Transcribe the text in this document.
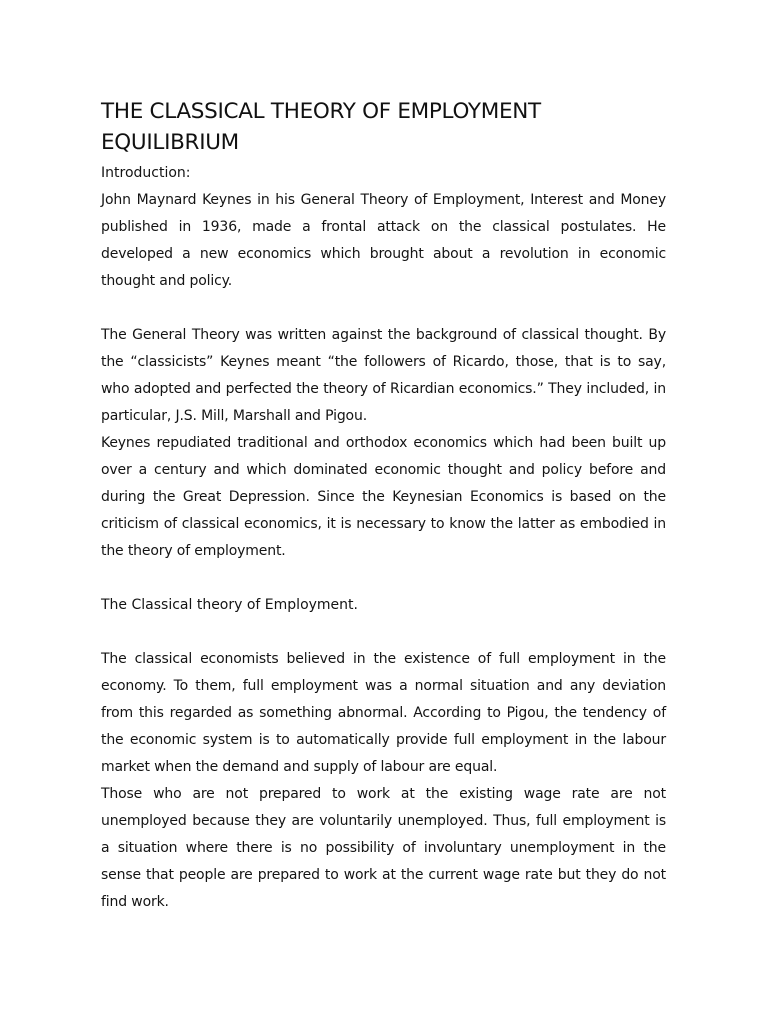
THE CLASSICAL THEORY OF EMPLOYMENT
EQUILIBRIUM

Introduction:

John Maynard Keynes in his General Theory of Employment, Interest and Money published in 1936, made a frontal attack on the classical postulates. He developed a new economics which brought about a revolution in economic thought and policy.

The General Theory was written against the background of classical thought. By the “classicists” Keynes meant “the followers of Ricardo, those, that is to say, who adopted and perfected the theory of Ricardian economics.” They included, in particular, J.S. Mill, Marshall and Pigou.

Keynes repudiated traditional and orthodox economics which had been built up over a century and which dominated economic thought and policy before and during the Great Depression. Since the Keynesian Economics is based on the criticism of classical economics, it is necessary to know the latter as embodied in the theory of employment.

The Classical theory of Employment.

The classical economists believed in the existence of full employment in the economy. To them, full employment was a normal situation and any deviation from this regarded as something abnormal. According to Pigou, the tendency of the economic system is to automatically provide full employment in the labour market when the demand and supply of labour are equal.

Those who are not prepared to work at the existing wage rate are not unemployed because they are voluntarily unemployed. Thus, full employment is a situation where there is no possibility of involuntary unemployment in the sense that people are prepared to work at the current wage rate but they do not find work.
